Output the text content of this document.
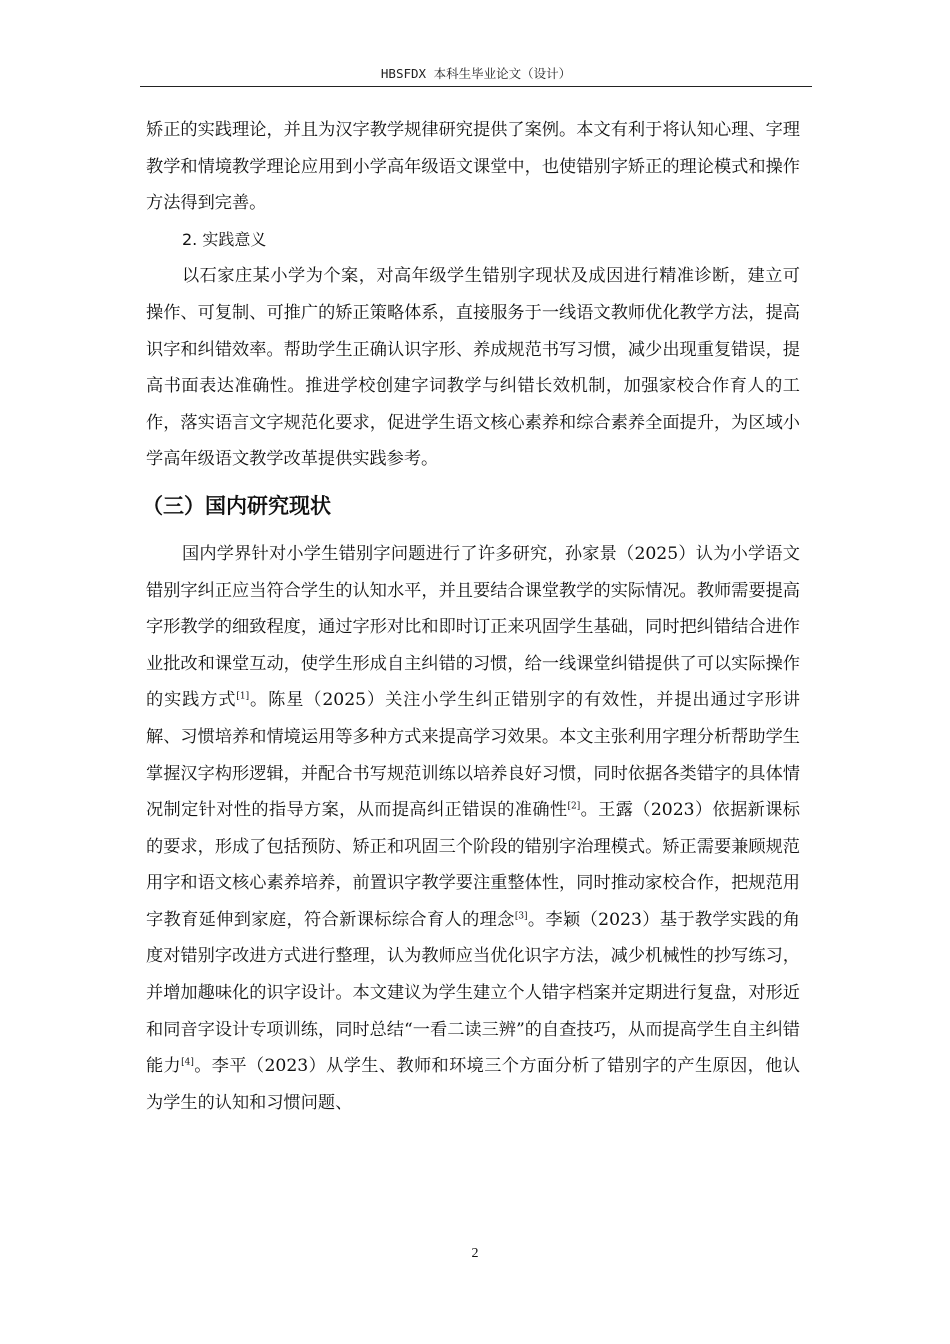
HBSFDX 本科生毕业论文（设计）

矫正的实践理论，并且为汉字教学规律研究提供了案例。本文有利于将认知心理、字理教学和情境教学理论应用到小学高年级语文课堂中，也使错别字矫正的理论模式和操作方法得到完善。

2. 实践意义

以石家庄某小学为个案，对高年级学生错别字现状及成因进行精准诊断，建立可操作、可复制、可推广的矫正策略体系，直接服务于一线语文教师优化教学方法，提高识字和纠错效率。帮助学生正确认识字形、养成规范书写习惯，减少出现重复错误，提高书面表达准确性。推进学校创建字词教学与纠错长效机制，加强家校合作育人的工作，落实语言文字规范化要求，促进学生语文核心素养和综合素养全面提升，为区域小学高年级语文教学改革提供实践参考。

（三）国内研究现状

国内学界针对小学生错别字问题进行了许多研究，孙家景（2025）认为小学语文错别字纠正应当符合学生的认知水平，并且要结合课堂教学的实际情况。教师需要提高字形教学的细致程度，通过字形对比和即时订正来巩固学生基础，同时把纠错结合进作业批改和课堂互动，使学生形成自主纠错的习惯，给一线课堂纠错提供了可以实际操作的实践方式[1]。陈星（2025）关注小学生纠正错别字的有效性，并提出通过字形讲解、习惯培养和情境运用等多种方式来提高学习效果。本文主张利用字理分析帮助学生掌握汉字构形逻辑，并配合书写规范训练以培养良好习惯，同时依据各类错字的具体情况制定针对性的指导方案，从而提高纠正错误的准确性[2]。王露（2023）依据新课标的要求，形成了包括预防、矫正和巩固三个阶段的错别字治理模式。矫正需要兼顾规范用字和语文核心素养培养，前置识字教学要注重整体性，同时推动家校合作，把规范用字教育延伸到家庭，符合新课标综合育人的理念[3]。李颖（2023）基于教学实践的角度对错别字改进方式进行整理，认为教师应当优化识字方法，减少机械性的抄写练习，并增加趣味化的识字设计。本文建议为学生建立个人错字档案并定期进行复盘，对形近和同音字设计专项训练，同时总结“一看二读三辨”的自查技巧，从而提高学生自主纠错能力[4]。李平（2023）从学生、教师和环境三个方面分析了错别字的产生原因，他认为学生的认知和习惯问题、

2
